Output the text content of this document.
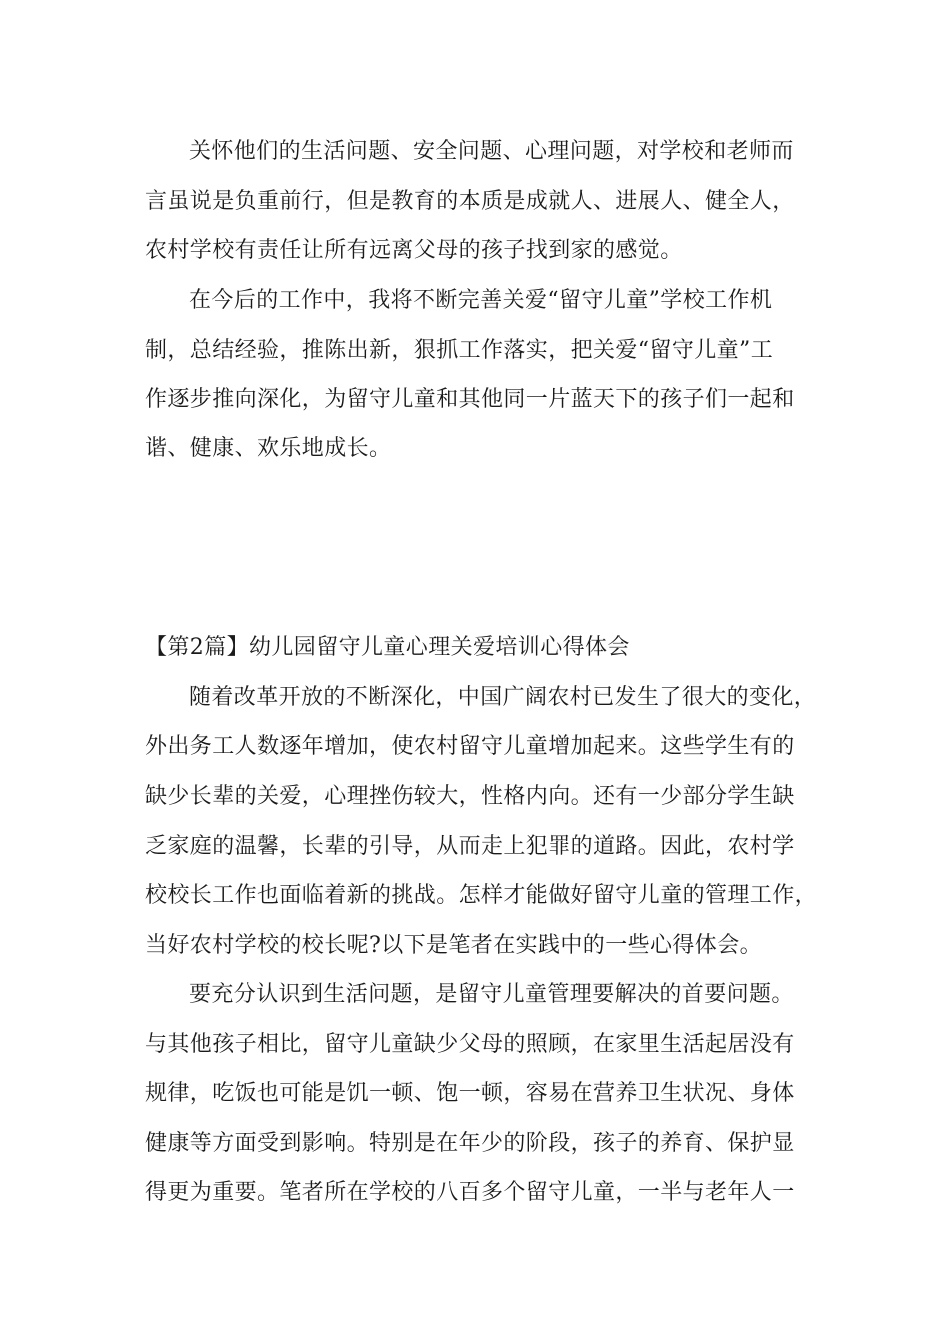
关怀他们的生活问题、安全问题、心理问题，对学校和老师而
言虽说是负重前行，但是教育的本质是成就人、进展人、健全人，
农村学校有责任让所有远离父母的孩子找到家的感觉。
在今后的工作中，我将不断完善关爱“留守儿童”学校工作机
制，总结经验，推陈出新，狠抓工作落实，把关爱“留守儿童”工
作逐步推向深化，为留守儿童和其他同一片蓝天下的孩子们一起和
谐、健康、欢乐地成长。
【第2篇】幼儿园留守儿童心理关爱培训心得体会
随着改革开放的不断深化，中国广阔农村已发生了很大的变化，
外出务工人数逐年增加，使农村留守儿童增加起来。这些学生有的
缺少长辈的关爱，心理挫伤较大，性格内向。还有一少部分学生缺
乏家庭的温馨，长辈的引导，从而走上犯罪的道路。因此，农村学
校校长工作也面临着新的挑战。怎样才能做好留守儿童的管理工作，
当好农村学校的校长呢?以下是笔者在实践中的一些心得体会。
要充分认识到生活问题，是留守儿童管理要解决的首要问题。
与其他孩子相比，留守儿童缺少父母的照顾，在家里生活起居没有
规律，吃饭也可能是饥一顿、饱一顿，容易在营养卫生状况、身体
健康等方面受到影响。特别是在年少的阶段，孩子的养育、保护显
得更为重要。笔者所在学校的八百多个留守儿童，一半与老年人一
